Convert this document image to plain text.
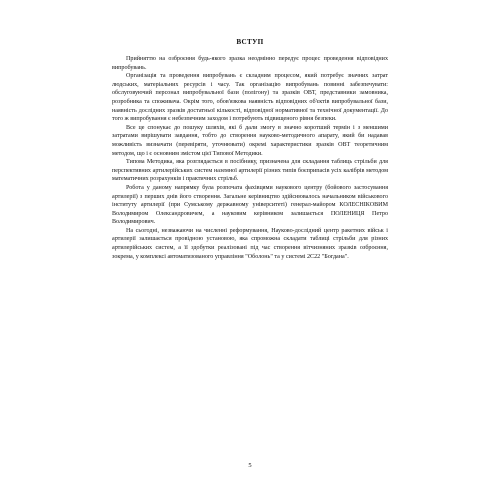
ВСТУП

Прийняттю на озброєння будь-якого зразка неодмінно передує процес проведення відповідних випробувань.

Організація та проведення випробувань є складним процесом, який потребує значних затрат людських, матеріальних ресурсів і часу. Так організацію випробувань повинні забезпечувати: обслуговуючий персонал випробувальної бази (полігону) та зразків ОВТ, представники замовника, розробника та споживача. Окрім того, обов'язкова наявність відповідних об'єктів випробувальної бази, наявність дослідних зразків достатньої кількості, відповідної нормативної та технічної документації. До того ж випробування є небезпечним заходом і потребують підвищеного рівня безпеки.

Все це спонукає до пошуку шляхів, які б дали змогу в значно коротший термін і з меншими затратами вирішувати завдання, тобто до створення науково-методичного апарату, який би надавав можливість визначати (перевіряти, уточнювати) окремі характеристики зразків ОВТ теоретичним методом, що і є основним змістом цієї Типової Методики.

Типова Методика, яка розглядається в посібнику, призначена для складання таблиць стрільби для перспективних артилерійських систем наземної артилерії різних типів боєприпасів усіх калібрів методом математичних розрахунків і практичних стрільб.

Робота у даному напрямку була розпочата фахівцями наукового центру (бойового застосування артилерії) з перших днів його створення. Загальне керівництво здійснювалось начальником військового інституту артилерії (при Сумському державному університеті) генерал-майором КОЛЕСНІКОВИМ Володимиром Олександровичем, а науковим керівником залишається ПОЛЕНИЦЯ Петро Володимирович.

На сьогодні, незважаючи на численні реформування, Науково-дослідний центр ракетних військ і артилерії залишається провідною установою, яка спроможна складати таблиці стрільби для різних артилерійських систем, а її здобутки реалізовані під час створення вітчизняних зразків озброєння, зокрема, у комплексі автоматизованого управління "Оболонь" та у системі 2С22 "Богдана".

5
